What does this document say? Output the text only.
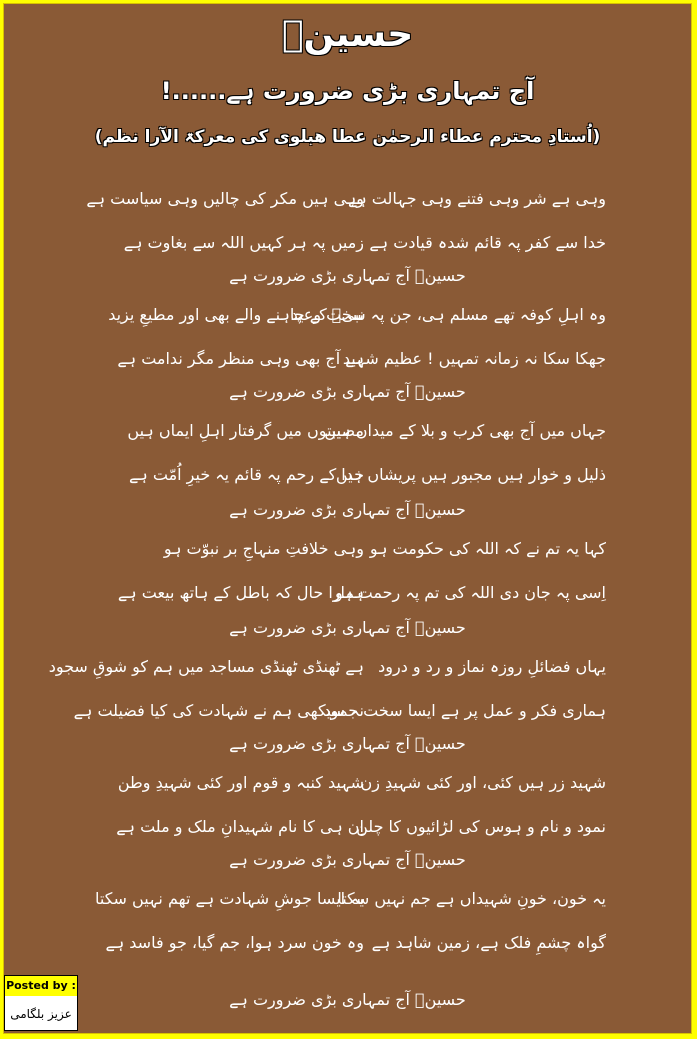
حسینؓ
آج تمہاری بڑی ضرورت ہے......!
(اُستادِ محترم عطاء الرحمٰن عطا ھبلوی کی معرکۃ الآرا نظم)
وہی ہے شر وہی فتنے وہی جہالت ہے
وہی ہیں مکر کی چالیں وہی سیاست ہے
خدا سے کفر پہ قائم شدہ قیادت ہے
زمیں پہ ہر کہیں اللہ سے بغاوت ہے
حسینؓ آج تمہاری بڑی ضرورت ہے
وہ اہلِ کوفہ تھے مسلم ہی، جن پہ سخت وعید
نبیؐ کے چاہنے والے بھی اور مطیعِ یزید
جھکا سکا نہ زمانہ تمہیں ! عظیم شہید
ہے آج بھی وہی منظر مگر ندامت ہے
حسینؓ آج تمہاری بڑی ضرورت ہے
جہاں میں آج بھی کرب و بلا کے میداں ہیں
مصیبتوں میں گرفتار اہلِ ایماں ہیں
ذلیل و خوار ہیں مجبور ہیں پریشاں ہیں
خدا کے رحم پہ قائم یہ خیرِ اُمّت ہے
حسینؓ آج تمہاری بڑی ضرورت ہے
کہا یہ تم نے کہ اللہ کی حکومت ہو
وہی خلافتِ منہاجِ بر نبوّت ہو
اِسی پہ جان دی اللہ کی تم پہ رحمت ہو
ہمارا حال کہ باطل کے ہاتھ بیعت ہے
حسینؓ آج تمہاری بڑی ضرورت ہے
یہاں فضائلِ روزہ نماز و رد و درود
ہے ٹھنڈی ٹھنڈی مساجد میں ہم کو شوقِ سجود
ہماری فکر و عمل پر ہے ایسا سخت جمود
نہ سیکھی ہم نے شہادت کی کیا فضیلت ہے
حسینؓ آج تمہاری بڑی ضرورت ہے
شہید زر ہیں کئی، اور کئی شہیدِ زن
شہید کنبہ و قوم اور کئی شہیدِ وطن
نمود و نام و ہوس کی لڑائیوں کا چلن
اِن ہی کا نام شہیدانِ ملک و ملت ہے
حسینؓ آج تمہاری بڑی ضرورت ہے
یہ خون، خونِ شہیداں ہے جم نہیں سکتا
یہ ایسا جوشِ شہادت ہے تھم نہیں سکتا
گواہ چشمِ فلک ہے، زمین شاہد ہے
وہ خون سرد ہوا، جم گیا، جو فاسد ہے
حسینؓ آج تمہاری بڑی ضرورت ہے
Posted by :
عزیز بلگامی
